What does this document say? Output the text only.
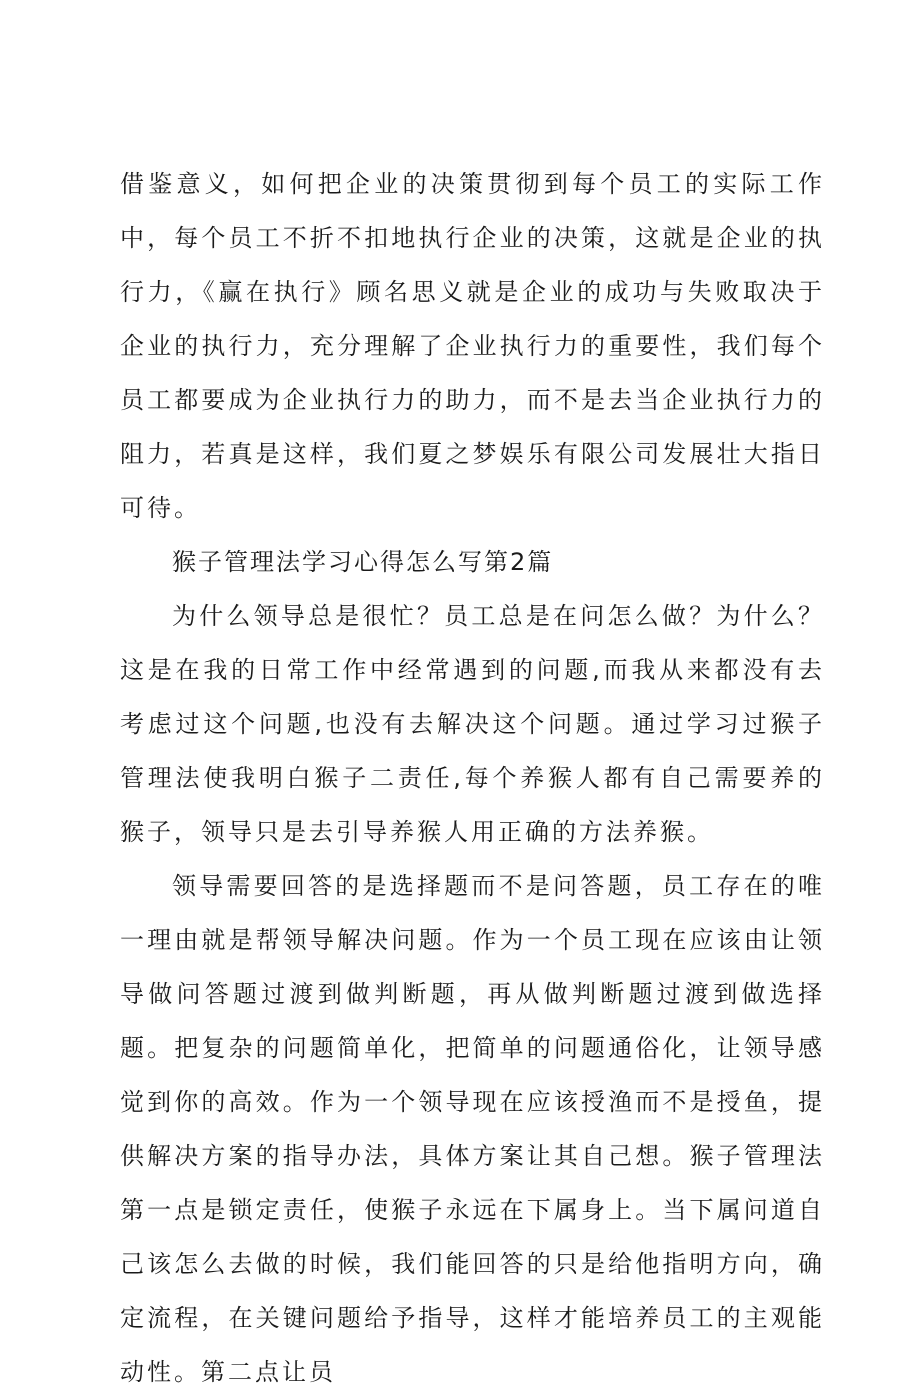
借鉴意义，如何把企业的决策贯彻到每个员工的实际工作中，每个员工不折不扣地执行企业的决策，这就是企业的执行力，《赢在执行》顾名思义就是企业的成功与失败取决于企业的执行力，充分理解了企业执行力的重要性，我们每个员工都要成为企业执行力的助力，而不是去当企业执行力的阻力，若真是这样，我们夏之梦娱乐有限公司发展壮大指日可待。

猴子管理法学习心得怎么写第2篇

为什么领导总是很忙？员工总是在问怎么做？为什么？这是在我的日常工作中经常遇到的问题,而我从来都没有去考虑过这个问题,也没有去解决这个问题。通过学习过猴子管理法使我明白猴子二责任,每个养猴人都有自己需要养的猴子，领导只是去引导养猴人用正确的方法养猴。

领导需要回答的是选择题而不是问答题，员工存在的唯一理由就是帮领导解决问题。作为一个员工现在应该由让领导做问答题过渡到做判断题，再从做判断题过渡到做选择题。把复杂的问题简单化，把简单的问题通俗化，让领导感觉到你的高效。作为一个领导现在应该授渔而不是授鱼，提供解决方案的指导办法，具体方案让其自己想。猴子管理法第一点是锁定责任，使猴子永远在下属身上。当下属问道自己该怎么去做的时候，我们能回答的只是给他指明方向，确定流程，在关键问题给予指导，这样才能培养员工的主观能动性。第二点让员
